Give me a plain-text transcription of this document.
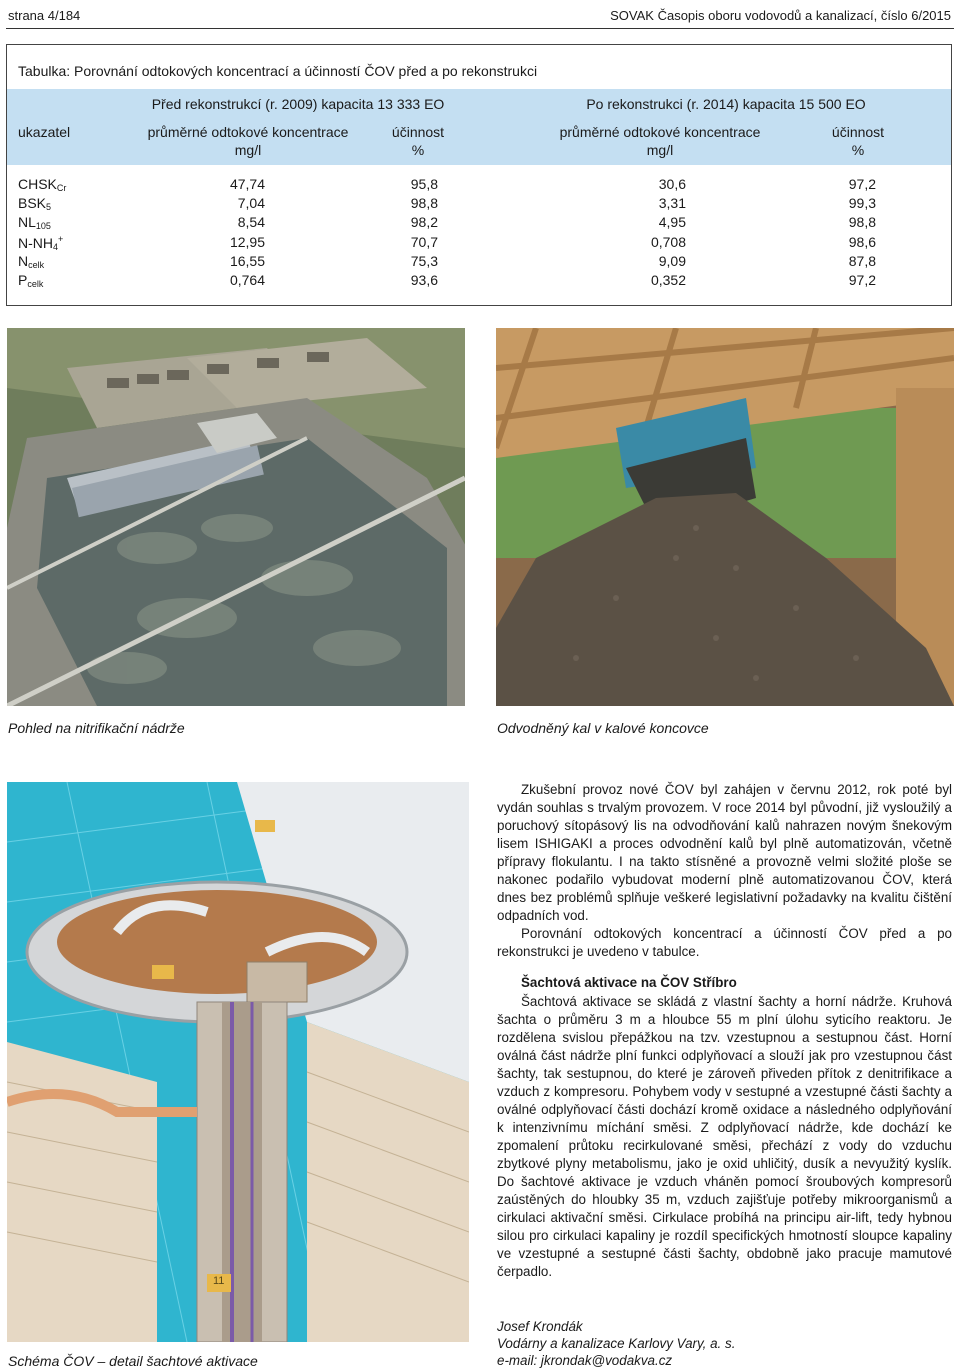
strana 4/184	SOVAK Časopis oboru vodovodů a kanalizací, číslo 6/2015
Tabulka: Porovnání odtokových koncentrací a účinností ČOV před a po rekonstrukci
Před rekonstrukcí (r. 2009) kapacita 13 333 EO	Po rekonstrukci (r. 2014) kapacita 15 500 EO
ukazatel	průměrné odtokové koncentrace	účinnost	průměrné odtokové koncentrace	účinnost
mg/l	%	mg/l	%
$CHSK_{Cr}$	47,74	95,8	30,6	97,2
$BSK_5$	7,04	98,8	3,31	99,3
$NL_{105}$	8,54	98,2	4,95	98,8
$N-NH_4^+$	12,95	70,7	0,708	98,6
$N_{celk}$	16,55	75,3	9,09	87,8
$P_{celk}$	0,764	93,6	0,352	97,2
Pohled na nitrifikační nádrže	Odvodněný kal v kalové koncovce
11
Schéma ČOV – detail šachtové aktivace

Zkušební provoz nové ČOV byl zahájen v červnu 2012, rok poté byl vydán souhlas s trvalým provozem. V roce 2014 byl původní, již vysloužilý a poruchový sítopásový lis na odvodňování kalů nahrazen novým šnekovým lisem ISHIGAKI a proces odvodnění kalů byl plně automatizován, včetně přípravy flokulantu. I na takto stísněné a provozně velmi složité ploše se nakonec podařilo vybudovat moderní plně automatizovanou ČOV, která dnes bez problémů splňuje veškeré legislativní požadavky na kvalitu čištění odpadních vod.

Porovnání odtokových koncentrací a účinností ČOV před a po rekonstrukci je uvedeno v tabulce.

Šachtová aktivace na ČOV Stříbro

Šachtová aktivace se skládá z vlastní šachty a horní nádrže. Kruhová šachta o průměru 3 m a hloubce 55 m plní úlohu syticího reaktoru. Je rozdělena svislou přepážkou na tzv. vzestupnou a sestupnou část. Horní oválná část nádrže plní funkci odplyňovací a slouží jak pro vzestupnou část šachty, tak sestupnou, do které je zároveň přiveden přítok z denitrifikace a vzduch z kompresoru. Pohybem vody v sestupné a vzestupné části šachty a oválné odplyňovací části dochází kromě oxidace a následného odplyňování k intenzivnímu míchání směsi. Z odplyňovací nádrže, kde dochází ke zpomalení průtoku recirkulované směsi, přechází z vody do vzduchu zbytkové plyny metabolismu, jako je oxid uhličitý, dusík a nevyužitý kyslík. Do šachtové aktivace je vzduch vháněn pomocí šroubových kompresorů zaústěných do hloubky 35 m, vzduch zajišťuje potřeby mikroorganismů a cirkulaci aktivační směsi. Cirkulace probíhá na principu air-lift, tedy hybnou silou pro cirkulaci kapaliny je rozdíl specifických hmotností sloupce kapaliny ve vzestupné a sestupné části šachty, obdobně jako pracuje mamutové čerpadlo.

Josef Krondák
Vodárny a kanalizace Karlovy Vary, a. s.
e-mail: jkrondak@vodakva.cz
